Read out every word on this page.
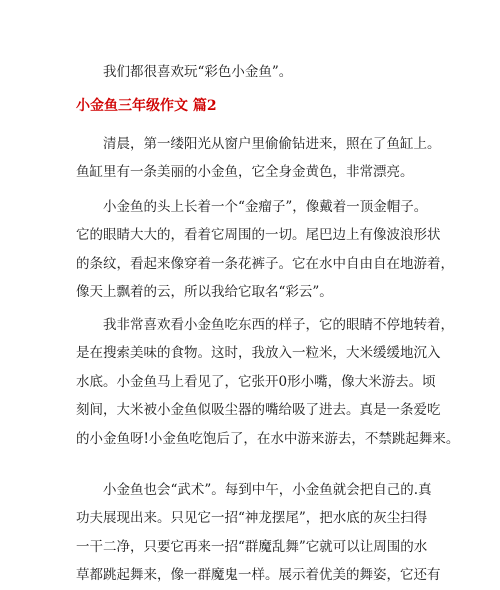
我们都很喜欢玩“彩色小金鱼”。

小金鱼三年级作文 篇2

清晨，第一缕阳光从窗户里偷偷钻进来，照在了鱼缸上。
鱼缸里有一条美丽的小金鱼，它全身金黄色，非常漂亮。

小金鱼的头上长着一个“金瘤子”，像戴着一顶金帽子。
它的眼睛大大的，看着它周围的一切。尾巴边上有像波浪形状
的条纹，看起来像穿着一条花裤子。它在水中自由自在地游着，
像天上飘着的云，所以我给它取名“彩云”。

我非常喜欢看小金鱼吃东西的样子，它的眼睛不停地转着，
是在搜索美味的食物。这时，我放入一粒米，大米缓缓地沉入
水底。小金鱼马上看见了，它张开0形小嘴，像大米游去。顷
刻间，大米被小金鱼似吸尘器的嘴给吸了进去。真是一条爱吃
的小金鱼呀!小金鱼吃饱后了，在水中游来游去，不禁跳起舞来。

小金鱼也会“武术”。每到中午，小金鱼就会把自己的.真
功夫展现出来。只见它一招“神龙摆尾”，把水底的灰尘扫得
一干二净，只要它再来一招“群魔乱舞”它就可以让周围的水
草都跳起舞来，像一群魔鬼一样。展示着优美的舞姿，它还有
